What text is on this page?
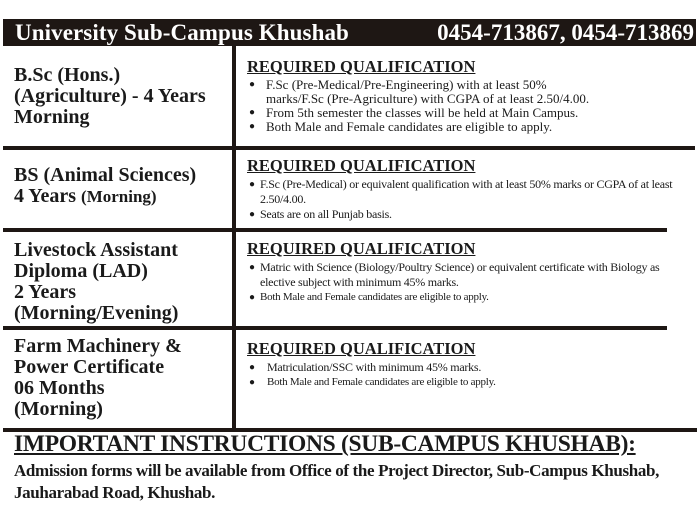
University Sub-Campus Khushab	0454-713867, 0454-713869
B.Sc (Hons.)
(Agriculture) - 4 Years
Morning
REQUIRED QUALIFICATION
● F.Sc (Pre-Medical/Pre-Engineering) with at least 50% marks/F.Sc (Pre-Agriculture) with CGPA of at least 2.50/4.00.
● From 5th semester the classes will be held at Main Campus.
● Both Male and Female candidates are eligible to apply.
BS (Animal Sciences)
4 Years (Morning)
REQUIRED QUALIFICATION
● F.Sc (Pre-Medical) or equivalent qualification with at least 50% marks or CGPA of at least 2.50/4.00.
● Seats are on all Punjab basis.
Livestock Assistant
Diploma (LAD)
2 Years
(Morning/Evening)
REQUIRED QUALIFICATION
● Matric with Science (Biology/Poultry Science) or equivalent certificate with Biology as elective subject with minimum 45% marks.
● Both Male and Female candidates are eligible to apply.
Farm Machinery &
Power Certificate
06 Months
(Morning)
REQUIRED QUALIFICATION
● Matriculation/SSC with minimum 45% marks.
● Both Male and Female candidates are eligible to apply.
IMPORTANT INSTRUCTIONS (SUB-CAMPUS KHUSHAB):
Admission forms will be available from Office of the Project Director, Sub-Campus Khushab, Jauharabad Road, Khushab.
